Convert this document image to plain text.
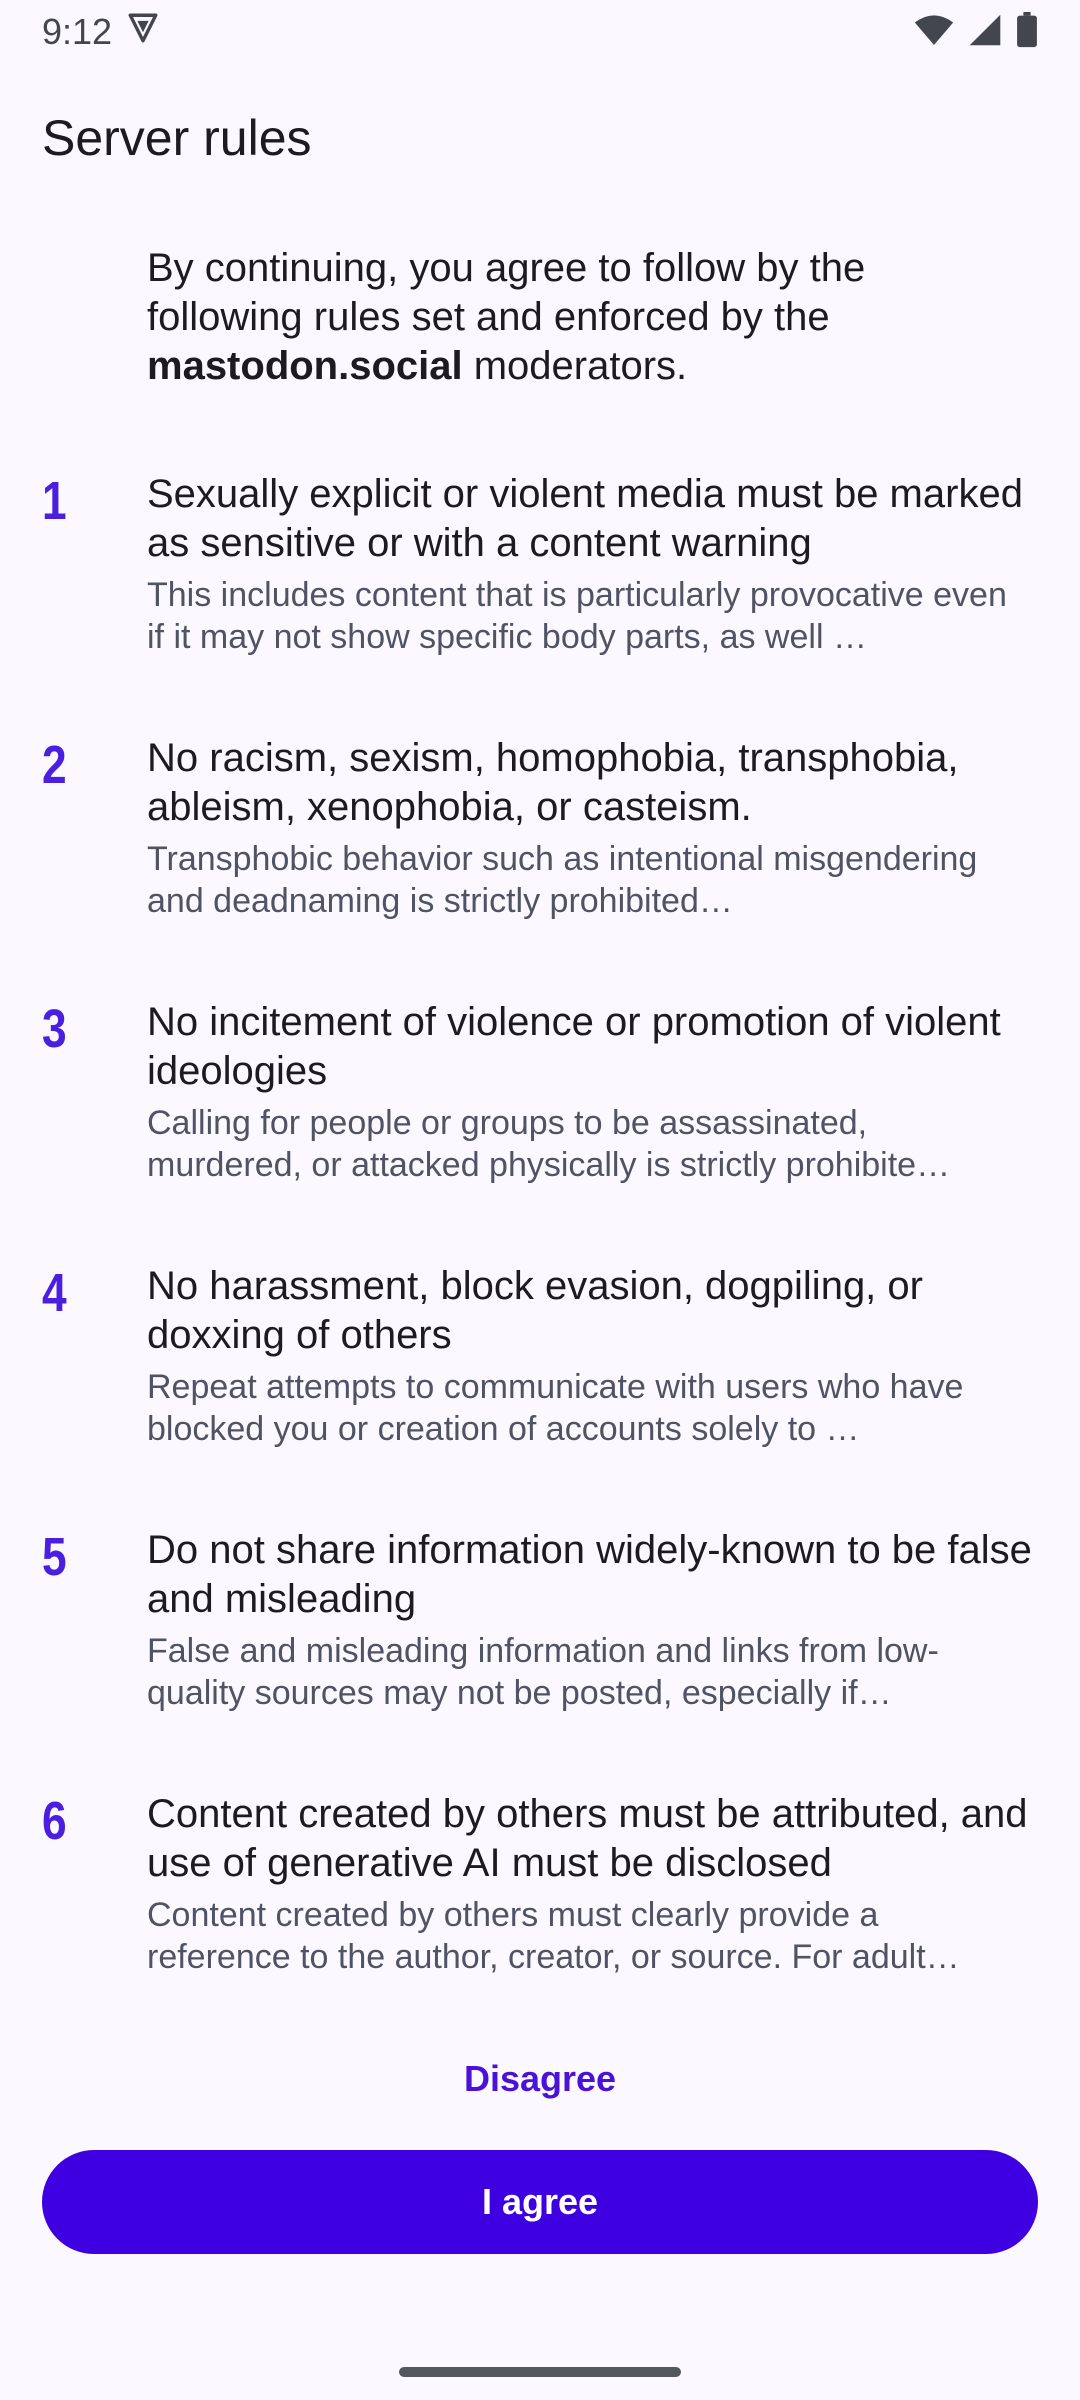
9:12
Server rules

By continuing, you agree to follow by the following rules set and enforced by the mastodon.social moderators.

1 Sexually explicit or violent media must be marked as sensitive or with a content warning
This includes content that is particularly provocative even if it may not show specific body parts, as well …
2 No racism, sexism, homophobia, transphobia, ableism, xenophobia, or casteism.
Transphobic behavior such as intentional misgendering and deadnaming is strictly prohibited…
3 No incitement of violence or promotion of violent ideologies
Calling for people or groups to be assassinated, murdered, or attacked physically is strictly prohibite…
4 No harassment, block evasion, dogpiling, or doxxing of others
Repeat attempts to communicate with users who have blocked you or creation of accounts solely to …
5 Do not share information widely-known to be false and misleading
False and misleading information and links from low-quality sources may not be posted, especially if…
6 Content created by others must be attributed, and use of generative AI must be disclosed
Content created by others must clearly provide a reference to the author, creator, or source. For adult…
Disagree
I agree
